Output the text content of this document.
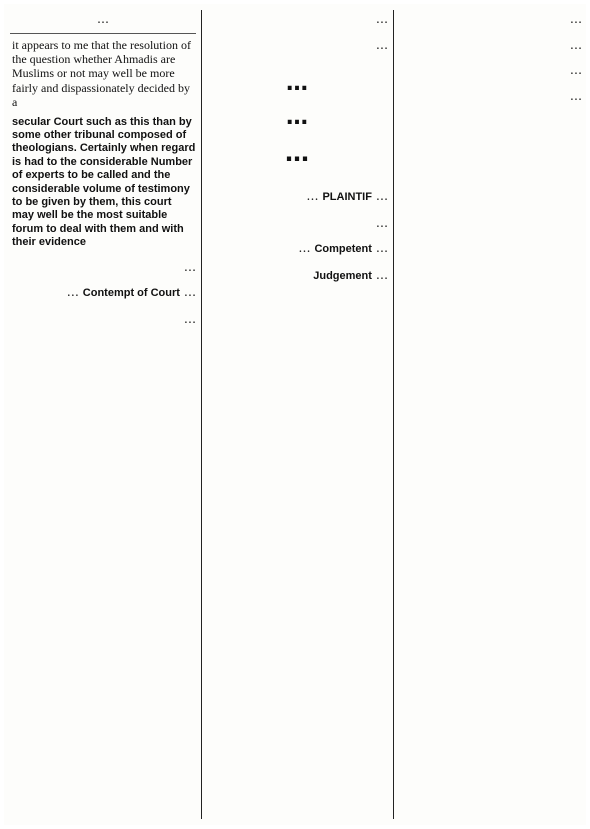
…

…

…

…

…

…

…
…
…

… PLAINTIF …

…

… Competent …

… Judgement

…

it appears to me that the resolution of the question whether Ahmadis are Muslims or not may well be more fairly and dispassionately decided by a

secular Court such as this than by some other tribunal composed of theologians. Certainly when regard is had to the considerable Number of experts to be called and the considerable volume of testimony to be given by them, this court may well be the most suitable forum to deal with them and with their evidence

…

… Contempt of Court …

…
